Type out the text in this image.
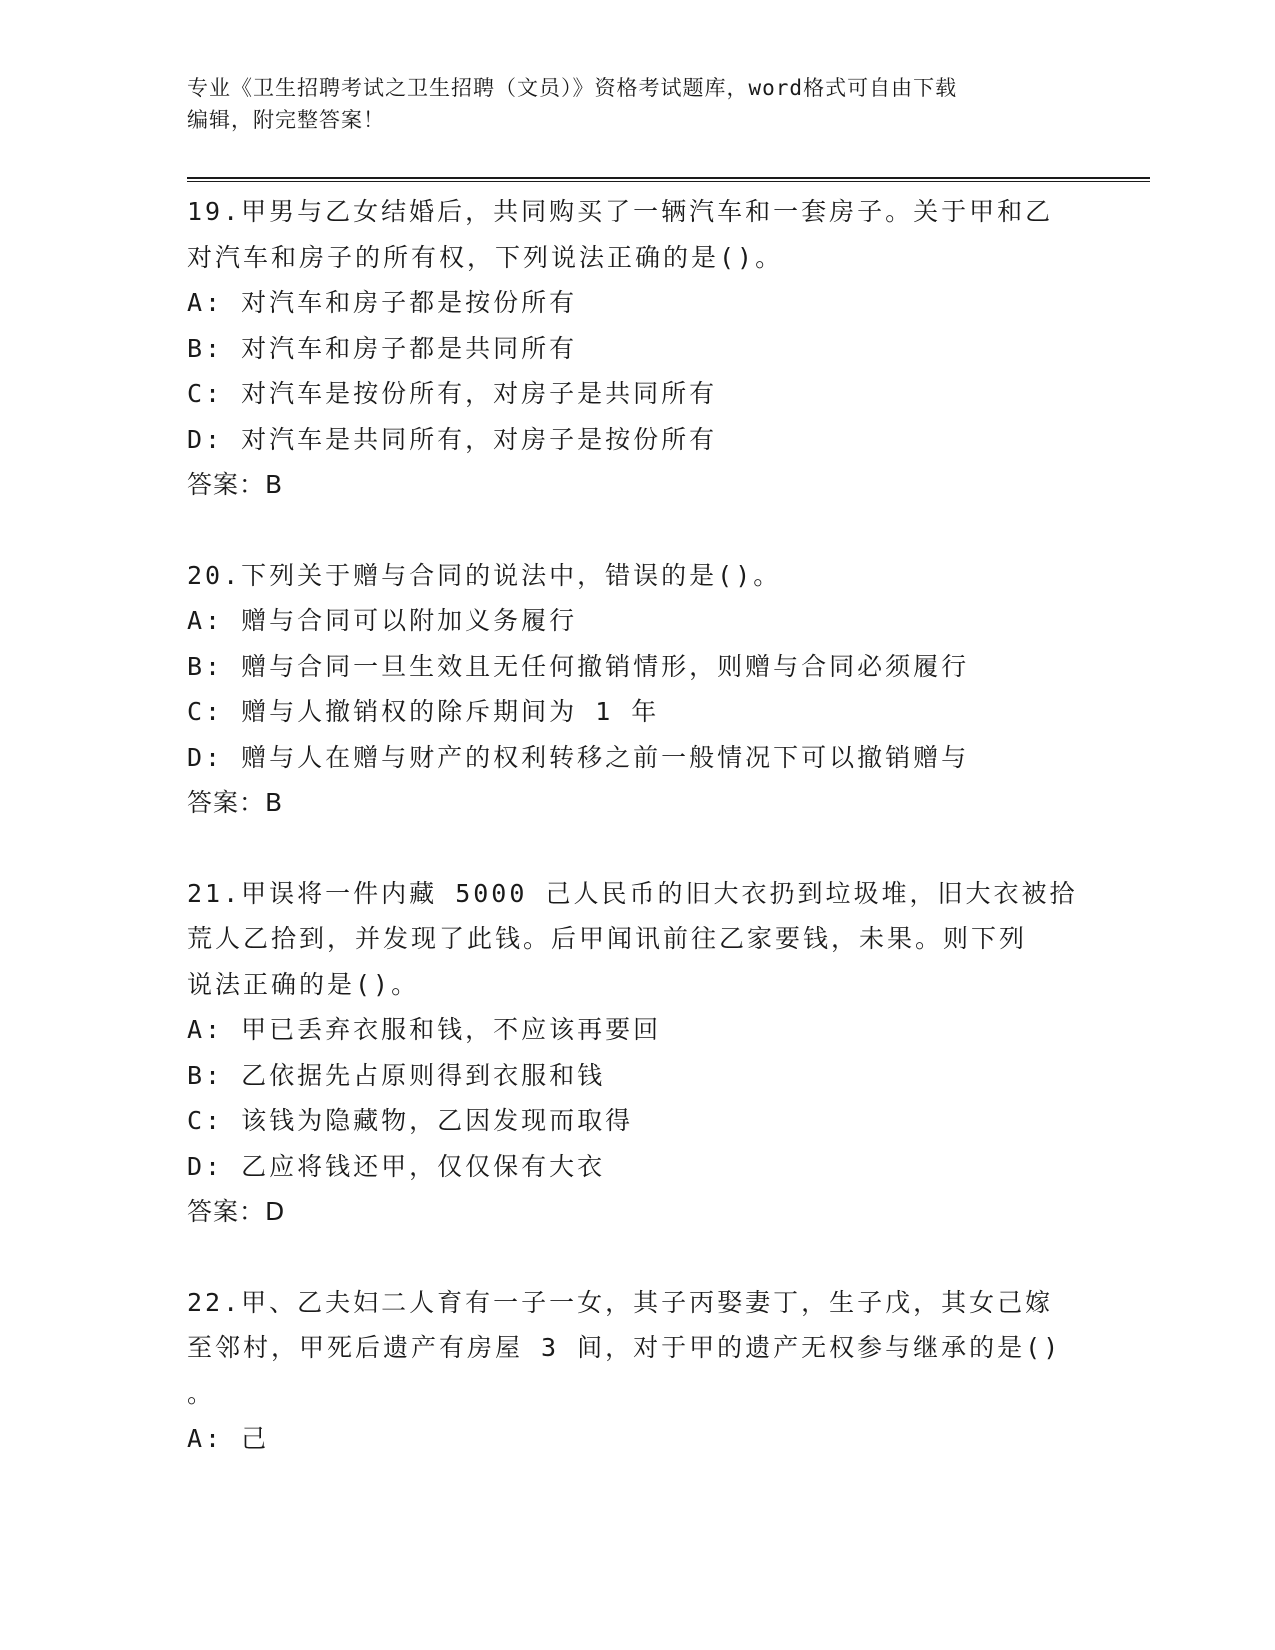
专业《卫生招聘考试之卫生招聘（文员）》资格考试题库，word格式可自由下载
编辑，附完整答案！
19.甲男与乙女结婚后，共同购买了一辆汽车和一套房子。关于甲和乙
对汽车和房子的所有权，下列说法正确的是()。
A: 对汽车和房子都是按份所有
B: 对汽车和房子都是共同所有
C: 对汽车是按份所有，对房子是共同所有
D: 对汽车是共同所有，对房子是按份所有
答案：B
20.下列关于赠与合同的说法中，错误的是()。
A: 赠与合同可以附加义务履行
B: 赠与合同一旦生效且无任何撤销情形，则赠与合同必须履行
C: 赠与人撤销权的除斥期间为 1 年
D: 赠与人在赠与财产的权利转移之前一般情况下可以撤销赠与
答案：B
21.甲误将一件内藏 5000 己人民币的旧大衣扔到垃圾堆，旧大衣被拾
荒人乙拾到，并发现了此钱。后甲闻讯前往乙家要钱，未果。则下列
说法正确的是()。
A: 甲已丢弃衣服和钱，不应该再要回
B: 乙依据先占原则得到衣服和钱
C: 该钱为隐藏物，乙因发现而取得
D: 乙应将钱还甲，仅仅保有大衣
答案：D
22.甲、乙夫妇二人育有一子一女，其子丙娶妻丁，生子戊，其女己嫁
至邻村，甲死后遗产有房屋 3 间，对于甲的遗产无权参与继承的是()
。
A: 己
